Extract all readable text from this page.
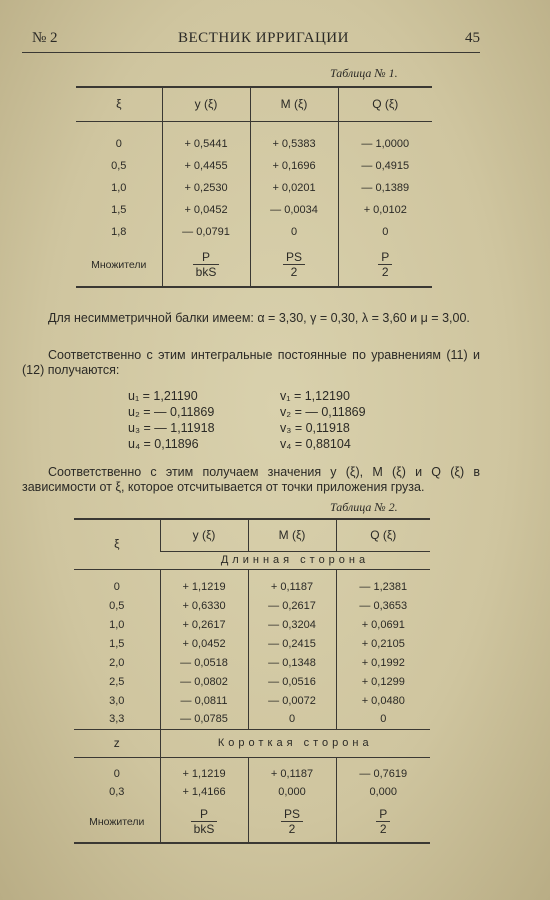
№ 2	ВЕСТНИК ИРРИГАЦИИ	45
Таблица № 1.
ξ	y (ξ)	M (ξ)	Q (ξ)

0	+ 0,5441	+ 0,5383	— 1,0000
0,5	+ 0,4455	+ 0,1696	— 0,4915
1,0	+ 0,2530	+ 0,0201	— 0,1389
1,5	+ 0,0452	— 0,0034	+ 0,0102
1,8	— 0,0791	0	0
Множители	$\frac{P}{\text{bkS}}$	$\frac{PS}{2}$	$\frac{P}{2}$
Для несимметричной балки имеем: α = 3,30, γ = 0,30, λ = 3,60 и μ = 3,00.
Соответственно с этим интегральные постоянные по уравнениям (11) и (12) получаются:
u₁ = 1,21190	v₁ = 1,12190
u₂ = — 0,11869	v₂ = — 0,11869
u₃ = — 1,11918	v₃ = 0,11918
u₄ = 0,11896	v₄ = 0,88104
Соответственно с этим получаем значения y (ξ), M (ξ) и Q (ξ) в зависимости от ξ, которое отсчитывается от точки приложения груза.
Таблица № 2.
ξ	y (ξ)	M (ξ)	Q (ξ)
	Длинная сторона		

0	+ 1,1219	+ 0,1187	— 1,2381
0,5	+ 0,6330	— 0,2617	— 0,3653
1,0	+ 0,2617	— 0,3204	+ 0,0691
1,5	+ 0,0452	— 0,2415	+ 0,2105
2,0	— 0,0518	— 0,1348	+ 0,1992
2,5	— 0,0802	— 0,0516	+ 0,1299
3,0	— 0,0811	— 0,0072	+ 0,0480
3,3	— 0,0785	0	0
z	Короткая сторона		

0	+ 1,1219	+ 0,1187	— 0,7619
0,3	+ 1,4166	0,000	0,000
Множители	$\frac{P}{\text{bkS}}$	$\frac{PS}{2}$	$\frac{P}{2}$
